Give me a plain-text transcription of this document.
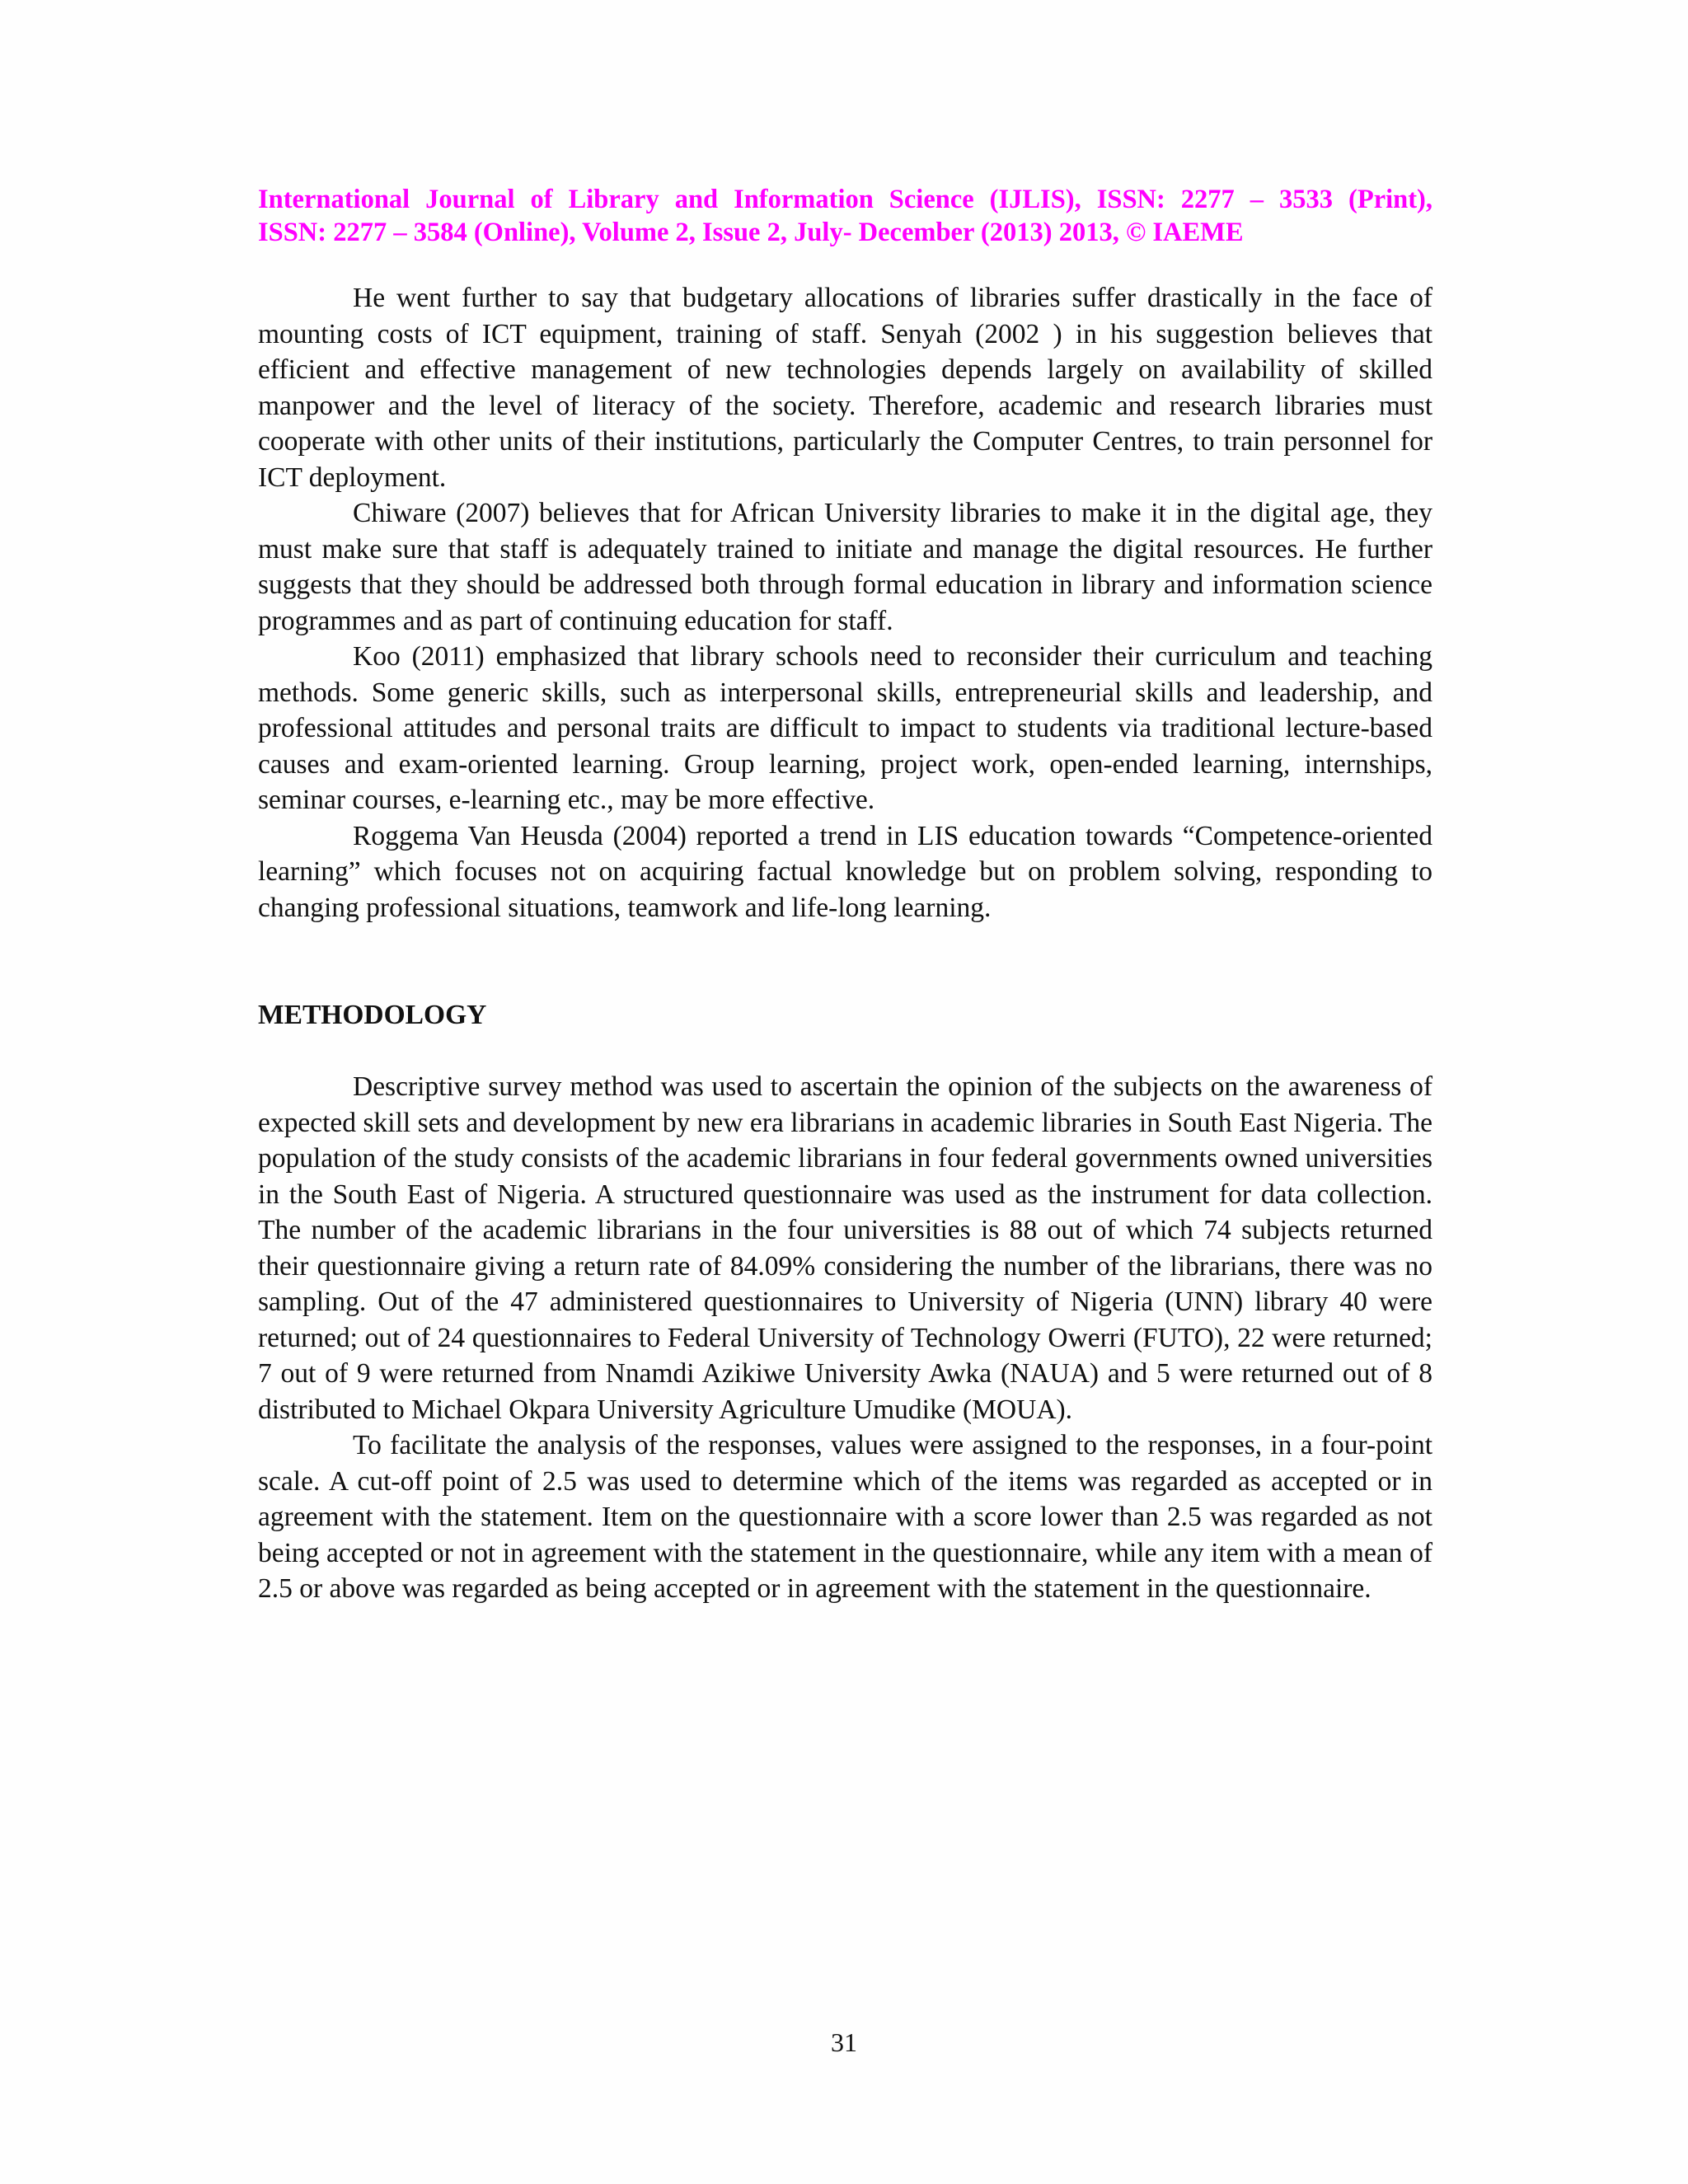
International Journal of Library and Information Science (IJLIS), ISSN: 2277 – 3533 (Print),
ISSN: 2277 – 3584 (Online), Volume 2, Issue 2, July- December (2013) 2013, © IAEME

He went further to say that budgetary allocations of libraries suffer drastically in the face of mounting costs of ICT equipment, training of staff. Senyah (2002 ) in his suggestion believes that efficient and effective management of new technologies depends largely on availability of skilled manpower and the level of literacy of the society. Therefore, academic and research libraries must cooperate with other units of their institutions, particularly the Computer Centres, to train personnel for ICT deployment.

Chiware (2007) believes that for African University libraries to make it in the digital age, they must make sure that staff is adequately trained to initiate and manage the digital resources. He further suggests that they should be addressed both through formal education in library and information science programmes and as part of continuing education for staff.

Koo (2011) emphasized that library schools need to reconsider their curriculum and teaching methods. Some generic skills, such as interpersonal skills, entrepreneurial skills and leadership, and professional attitudes and personal traits are difficult to impact to students via traditional lecture-based causes and exam-oriented learning. Group learning, project work, open-ended learning, internships, seminar courses, e-learning etc., may be more effective.

Roggema Van Heusda (2004) reported a trend in LIS education towards “Competence-oriented learning” which focuses not on acquiring factual knowledge but on problem solving, responding to changing professional situations, teamwork and life-long learning.

METHODOLOGY

Descriptive survey method was used to ascertain the opinion of the subjects on the awareness of expected skill sets and development by new era librarians in academic libraries in South East Nigeria. The population of the study consists of the academic librarians in four federal governments owned universities in the South East of Nigeria. A structured questionnaire was used as the instrument for data collection. The number of the academic librarians in the four universities is 88 out of which 74 subjects returned their questionnaire giving a return rate of 84.09% considering the number of the librarians, there was no sampling. Out of the 47 administered questionnaires to University of Nigeria (UNN) library 40 were returned; out of 24 questionnaires to Federal University of Technology Owerri (FUTO), 22 were returned; 7 out of 9 were returned from Nnamdi Azikiwe University Awka (NAUA) and 5 were returned out of 8 distributed to Michael Okpara University Agriculture Umudike (MOUA).

To facilitate the analysis of the responses, values were assigned to the responses, in a four-point scale. A cut-off point of 2.5 was used to determine which of the items was regarded as accepted or in agreement with the statement. Item on the questionnaire with a score lower than 2.5 was regarded as not being accepted or not in agreement with the statement in the questionnaire, while any item with a mean of 2.5 or above was regarded as being accepted or in agreement with the statement in the questionnaire.

31
